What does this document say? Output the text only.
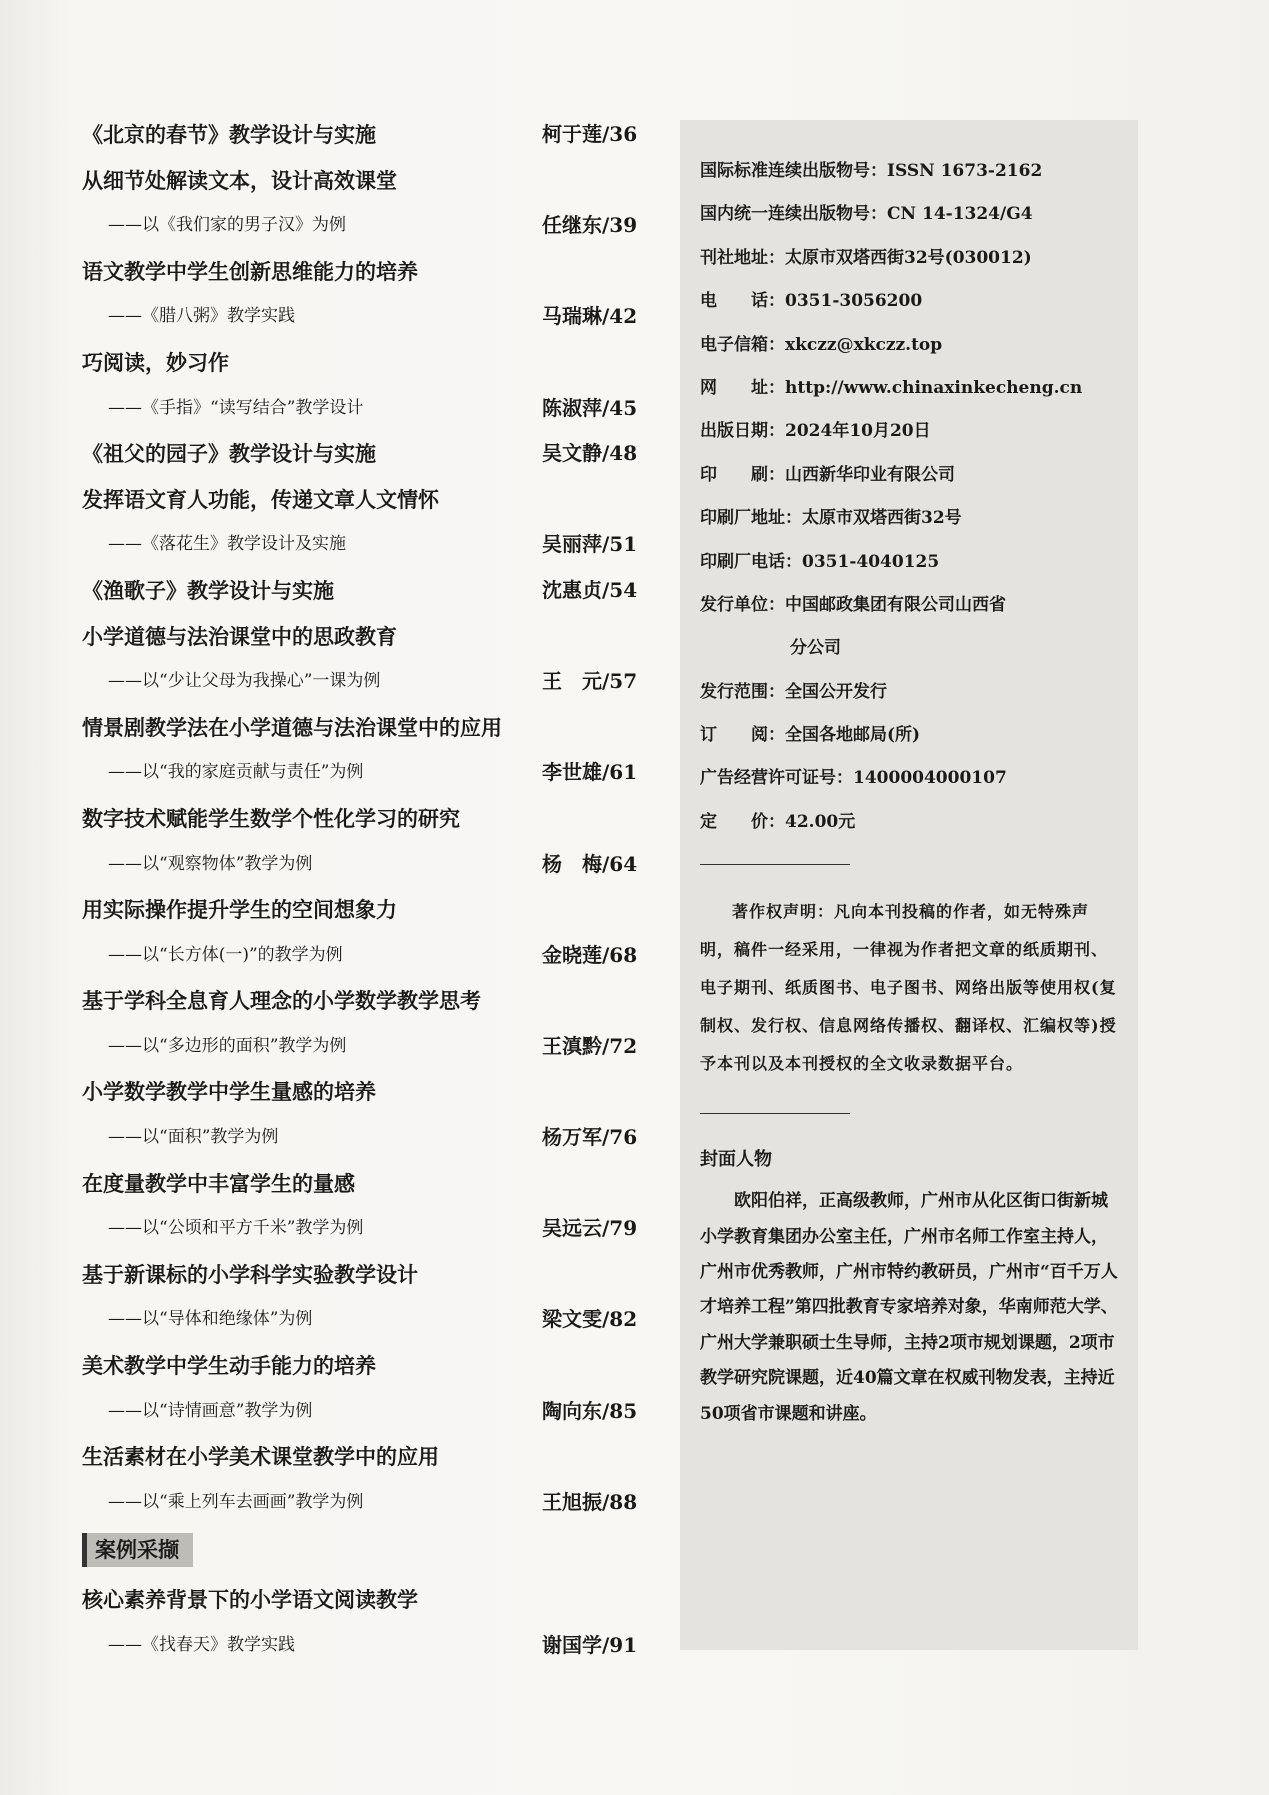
《北京的春节》教学设计与实施	柯于莲/36
从细节处解读文本，设计高效课堂
——以《我们家的男子汉》为例	任继东/39
语文教学中学生创新思维能力的培养
——《腊八粥》教学实践	马瑞琳/42
巧阅读，妙习作
——《手指》“读写结合”教学设计	陈淑萍/45
《祖父的园子》教学设计与实施	吴文静/48
发挥语文育人功能，传递文章人文情怀
——《落花生》教学设计及实施	吴丽萍/51
《渔歌子》教学设计与实施	沈惠贞/54
小学道德与法治课堂中的思政教育
——以“少让父母为我操心”一课为例	王　元/57
情景剧教学法在小学道德与法治课堂中的应用
——以“我的家庭贡献与责任”为例	李世雄/61
数字技术赋能学生数学个性化学习的研究
——以“观察物体”教学为例	杨　梅/64
用实际操作提升学生的空间想象力
——以“长方体(一)”的教学为例	金晓莲/68
基于学科全息育人理念的小学数学教学思考
——以“多边形的面积”教学为例	王滇黔/72
小学数学教学中学生量感的培养
——以“面积”教学为例	杨万军/76
在度量教学中丰富学生的量感
——以“公顷和平方千米”教学为例	吴远云/79
基于新课标的小学科学实验教学设计
——以“导体和绝缘体”为例	梁文雯/82
美术教学中学生动手能力的培养
——以“诗情画意”教学为例	陶向东/85
生活素材在小学美术课堂教学中的应用
——以“乘上列车去画画”教学为例	王旭振/88
案例采撷
核心素养背景下的小学语文阅读教学
——《找春天》教学实践	谢国学/91
国际标准连续出版物号：ISSN 1673-2162
国内统一连续出版物号：CN 14-1324/G4
刊社地址：太原市双塔西街32号(030012)
电　　话：0351-3056200
电子信箱：xkczz@xkczz.top
网　　址：http://www.chinaxinkecheng.cn
出版日期：2024年10月20日
印　　刷：山西新华印业有限公司
印刷厂地址：太原市双塔西街32号
印刷厂电话：0351-4040125
发行单位：中国邮政集团有限公司山西省
分公司
发行范围：全国公开发行
订　　阅：全国各地邮局(所)
广告经营许可证号：1400004000107
定　　价：42.00元
著作权声明：凡向本刊投稿的作者，如无特殊声明，稿件一经采用，一律视为作者把文章的纸质期刊、电子期刊、纸质图书、电子图书、网络出版等使用权(复制权、发行权、信息网络传播权、翻译权、汇编权等)授予本刊以及本刊授权的全文收录数据平台。
封面人物
欧阳伯祥，正高级教师，广州市从化区街口街新城小学教育集团办公室主任，广州市名师工作室主持人，广州市优秀教师，广州市特约教研员，广州市“百千万人才培养工程”第四批教育专家培养对象，华南师范大学、广州大学兼职硕士生导师，主持2项市规划课题，2项市教学研究院课题，近40篇文章在权威刊物发表，主持近50项省市课题和讲座。
